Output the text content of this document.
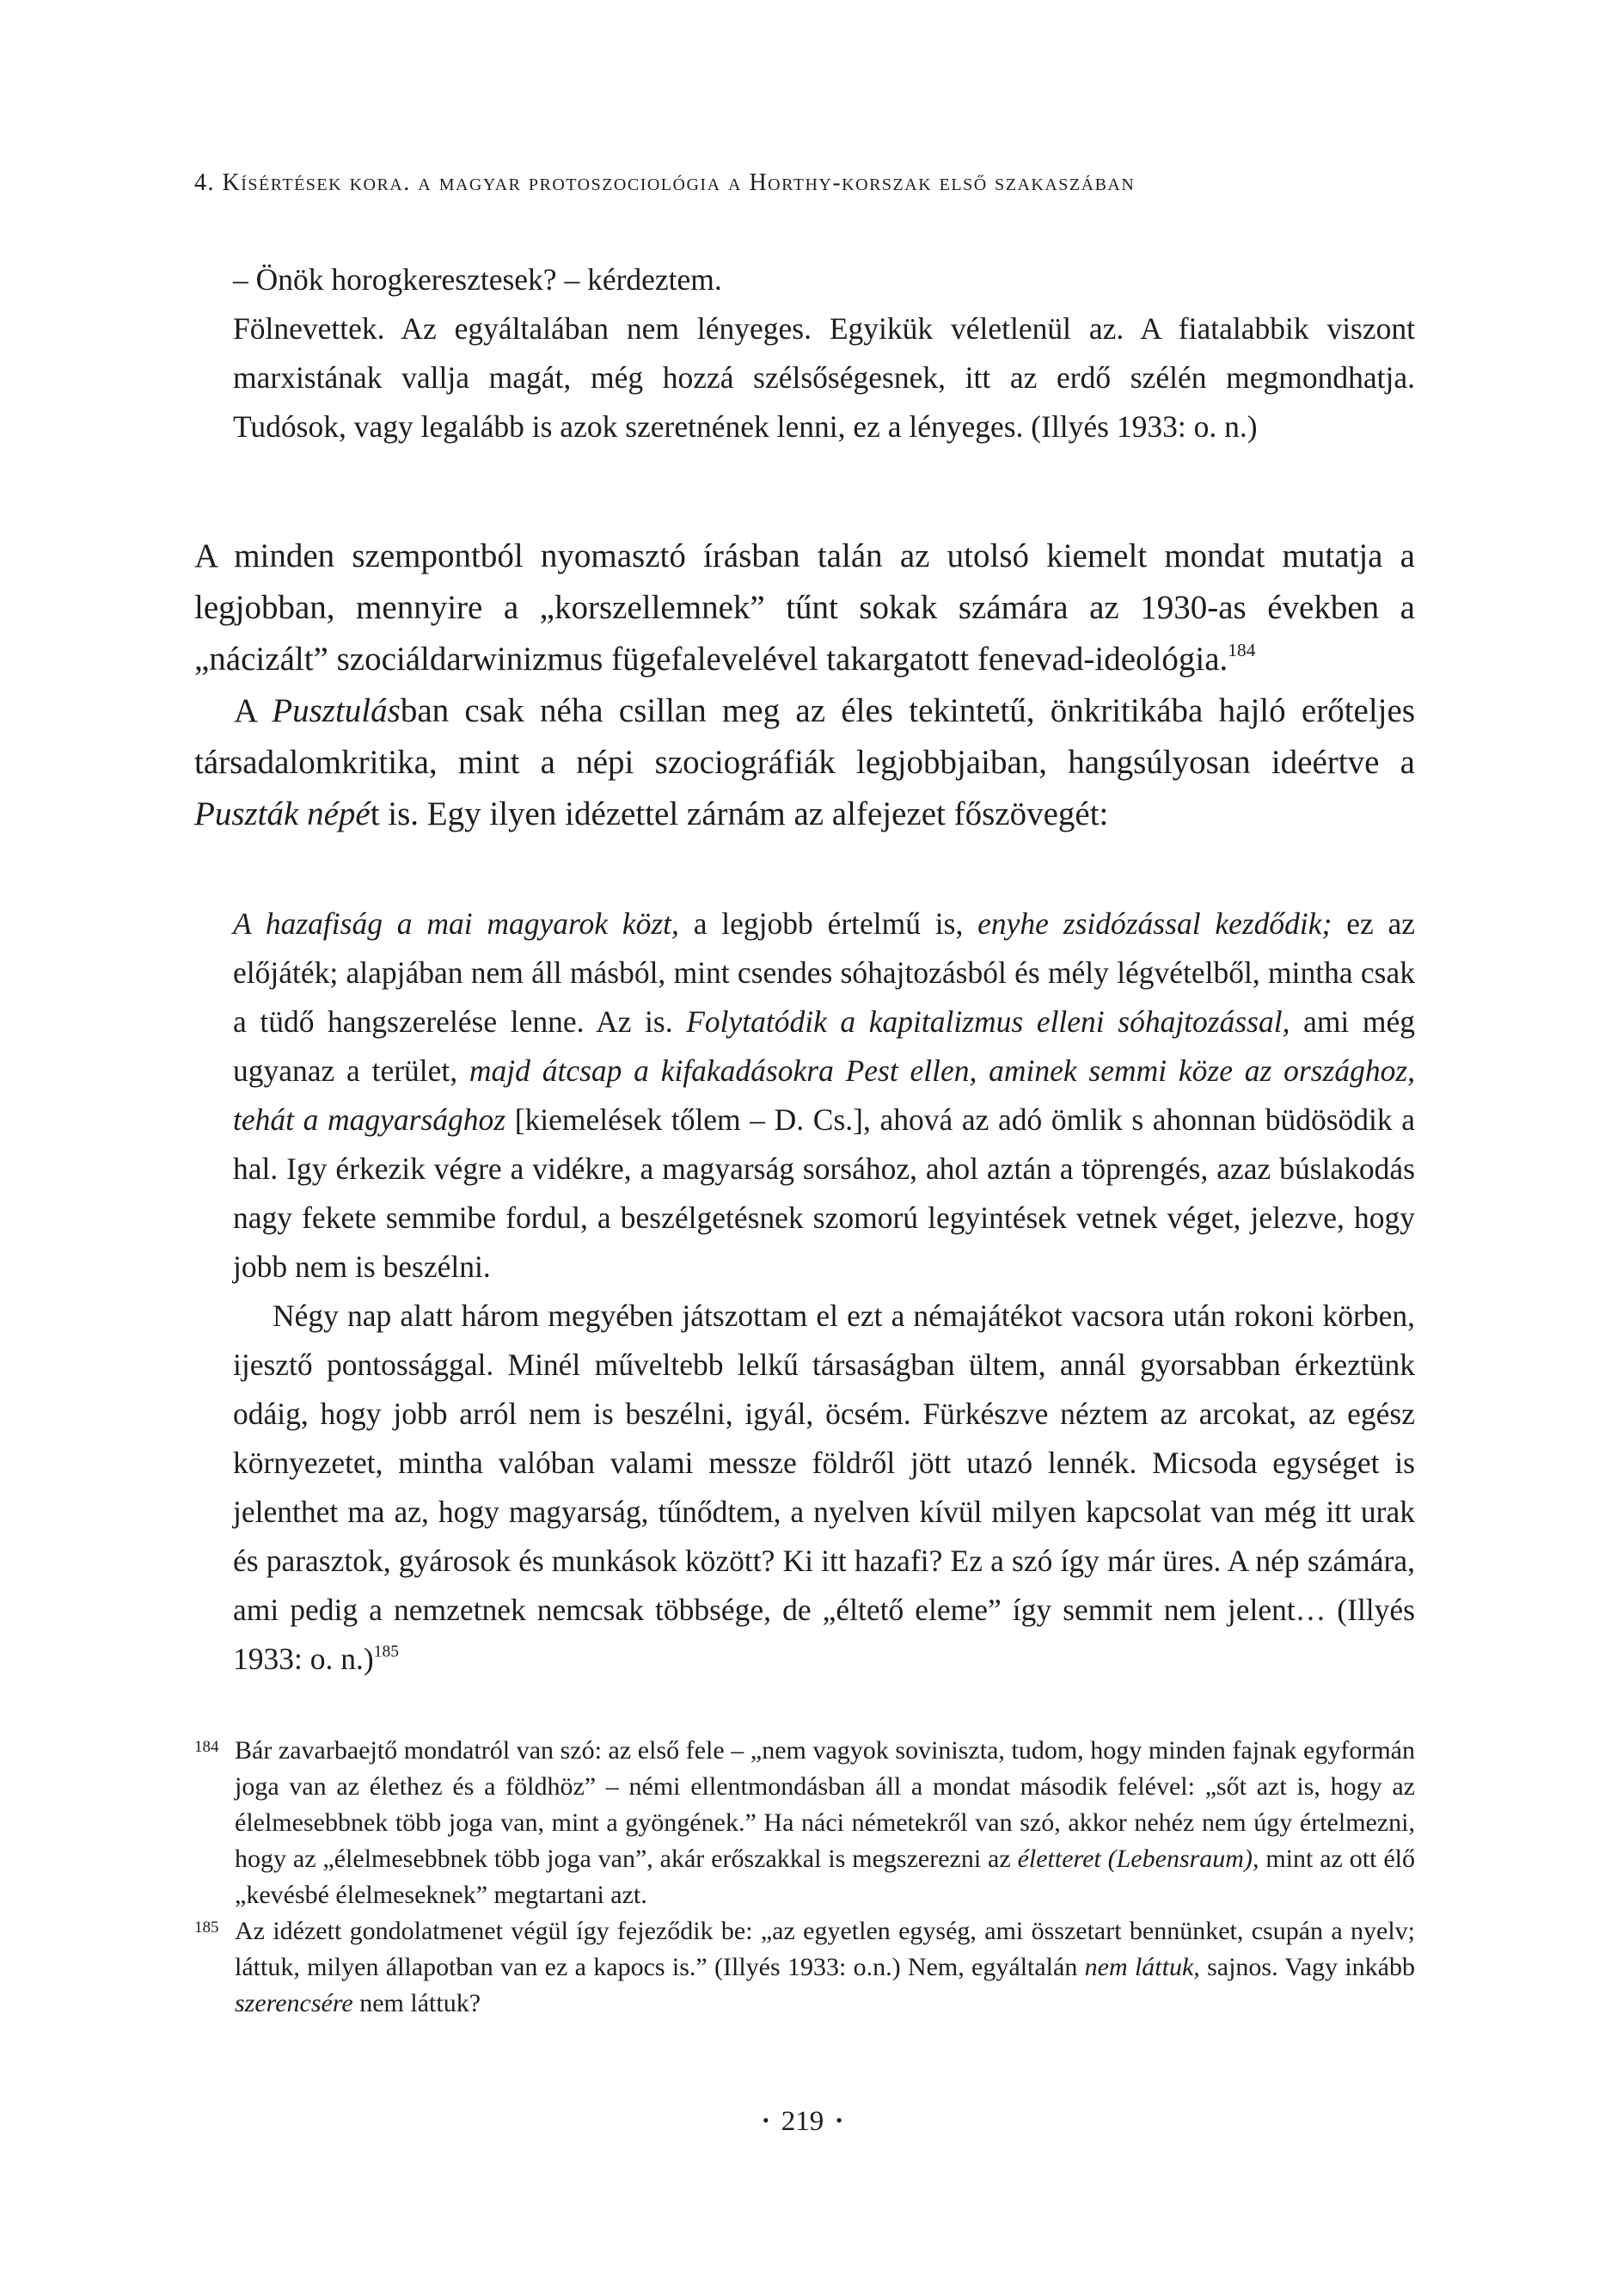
4. Kísértések kora. a magyar protoszociológia a Horthy-korszak első szakaszában

– Önök horogkeresztesek? – kérdeztem.

Fölnevettek. Az egyáltalában nem lényeges. Egyikük véletlenül az. A fiatalabbik viszont marxistának vallja magát, még hozzá szélsőségesnek, itt az erdő szélén megmondhatja. Tudósok, vagy legalább is azok szeretnének lenni, ez a lényeges. (Illyés 1933: o. n.)

A minden szempontból nyomasztó írásban talán az utolsó kiemelt mondat mutatja a legjobban, mennyire a „korszellemnek” tűnt sokak számára az 1930-as években a „nácizált” szociáldarwinizmus fügefalevelével takargatott fenevad-ideológia.$^{184}$

A Pusztulásban csak néha csillan meg az éles tekintetű, önkritikába hajló erőteljes társadalomkritika, mint a népi szociográfiák legjobbjaiban, hangsúlyosan ideértve a Puszták népét is. Egy ilyen idézettel zárnám az alfejezet főszövegét:

A hazafiság a mai magyarok közt, a legjobb értelmű is, enyhe zsidózással kezdődik; ez az előjáték; alapjában nem áll másból, mint csendes sóhajtozásból és mély légvételből, mintha csak a tüdő hangszerelése lenne. Az is. Folytatódik a kapitalizmus elleni sóhajtozással, ami még ugyanaz a terület, majd átcsap a kifakadásokra Pest ellen, aminek semmi köze az országhoz, tehát a magyarsághoz [kiemelések tőlem – D. Cs.], ahová az adó ömlik s ahonnan büdösödik a hal. Igy érkezik végre a vidékre, a magyarság sorsához, ahol aztán a töprengés, azaz búslakodás nagy fekete semmibe fordul, a beszélgetésnek szomorú legyintések vetnek véget, jelezve, hogy jobb nem is beszélni.

Négy nap alatt három megyében játszottam el ezt a némajátékot vacsora után rokoni körben, ijesztő pontossággal. Minél műveltebb lelkű társaságban ültem, annál gyorsabban érkeztünk odáig, hogy jobb arról nem is beszélni, igyál, öcsém. Fürkészve néztem az arcokat, az egész környezetet, mintha valóban valami messze földről jött utazó lennék. Micsoda egységet is jelenthet ma az, hogy magyarság, tűnődtem, a nyelven kívül milyen kapcsolat van még itt urak és parasztok, gyárosok és munkások között? Ki itt hazafi? Ez a szó így már üres. A nép számára, ami pedig a nemzetnek nemcsak többsége, de „éltető eleme” így semmit nem jelent… (Illyés 1933: o. n.)$^{185}$

184 Bár zavarbaejtő mondatról van szó: az első fele – „nem vagyok soviniszta, tudom, hogy minden fajnak egyformán joga van az élethez és a földhöz” – némi ellentmondásban áll a mondat második felével: „sőt azt is, hogy az élelmesebbnek több joga van, mint a gyöngének.” Ha náci németekről van szó, akkor nehéz nem úgy értelmezni, hogy az „élelmesebbnek több joga van”, akár erőszakkal is megszerezni az életteret (Lebensraum), mint az ott élő „kevésbé élelmeseknek” megtartani azt.

185 Az idézett gondolatmenet végül így fejeződik be: „az egyetlen egység, ami összetart bennünket, csupán a nyelv; láttuk, milyen állapotban van ez a kapocs is.” (Illyés 1933: o.n.) Nem, egyáltalán nem láttuk, sajnos. Vagy inkább szerencsére nem láttuk?

• 219 •
